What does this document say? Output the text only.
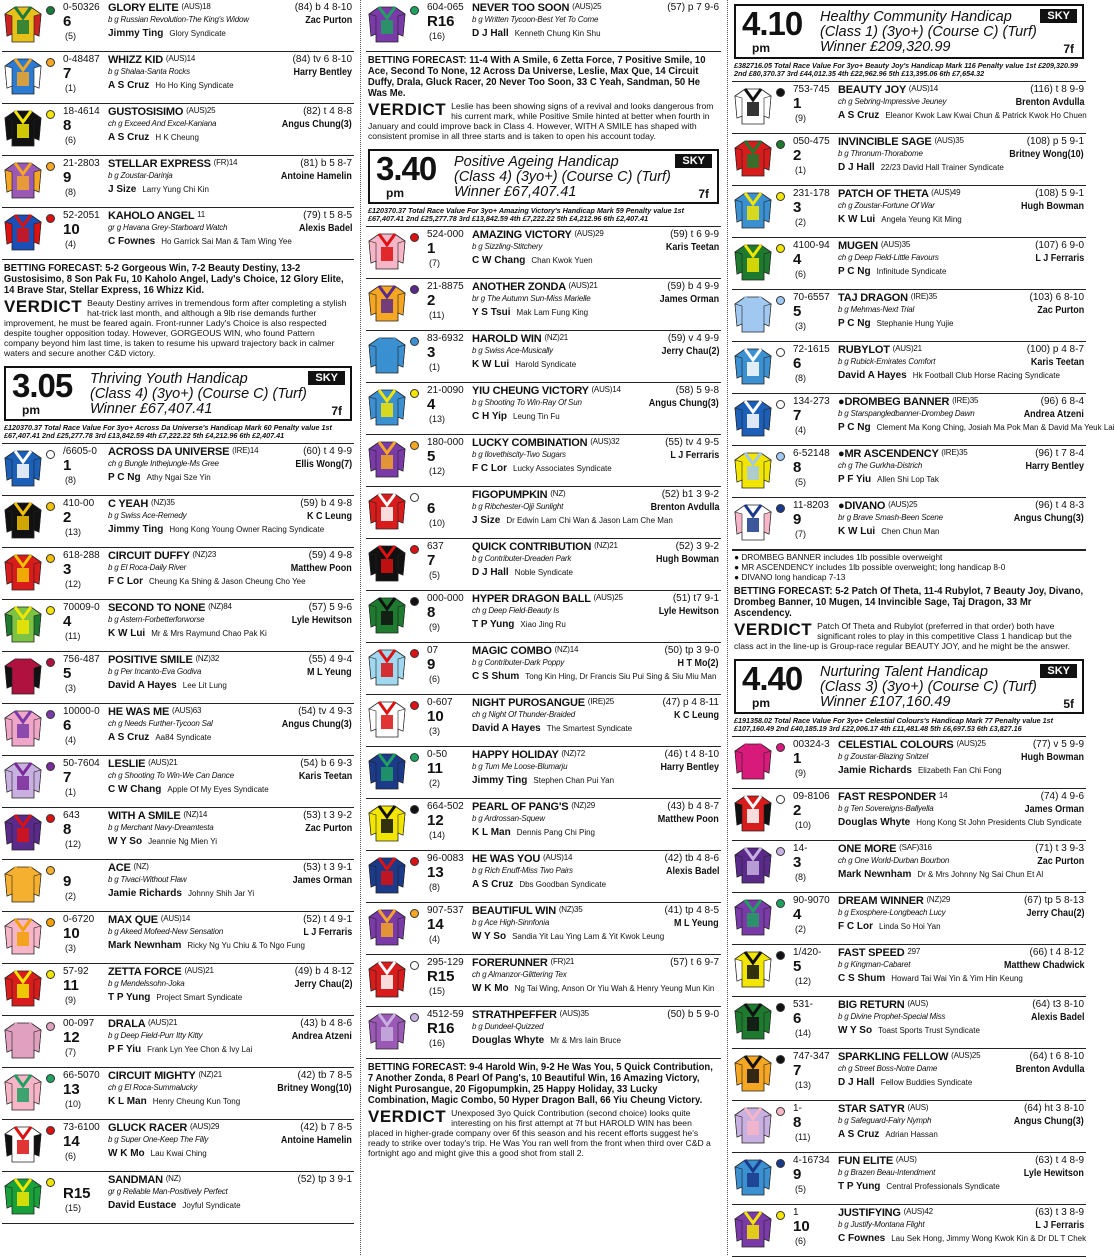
0-50326 GLORY ELITE $^{(AUS)18}$	(84) b 4 8-10
6	b g Russian Revolution-The King's Widow	Zac Purton
(5)	Jimmy Ting Glory Syndicate
0-48487 WHIZZ KID $^{(AUS)14}$	(84) tv 6 8-10
7	b g Shalaa-Santa Rocks	Harry Bentley
(1)	A S Cruz Ho Ho King Syndicate
18-4614 GUSTOSISIMO $^{(AUS)25}$	(82) t 4 8-8
8	ch g Exceed And Excel-Kaniana	Angus Chung(3)
(6)	A S Cruz H K Cheung
21-2803 STELLAR EXPRESS $^{(FR)14}$	(81) b 5 8-7
9	b g Zoustar-Darinja	Antoine Hamelin
(8)	J Size Larry Yung Chi Kin
52-2051 KAHOLO ANGEL $^{11}$	(79) t 5 8-5
10	gr g Havana Grey-Starboard Watch	Alexis Badel
(4)	C Fownes Ho Garrick Sai Man & Tam Wing Yee
BETTING FORECAST: 5-2 Gorgeous Win, 7-2 Beauty Destiny, 13-2 Gustosisimo, 8 Son Pak Fu, 10 Kaholo Angel, Lady's Choice, 12 Glory Elite, 14 Brave Star, Stellar Express, 16 Whizz Kid.
VERDICT Beauty Destiny arrives in tremendous form after completing a stylish hat-trick last month, and although a 9lb rise demands further improvement, he must be feared again. Front-runner Lady's Choice is also respected despite tougher opposition today. However, GORGEOUS WIN, who found Pattern company beyond him last time, is taken to resume his upward trajectory back in calmer waters and secure another C&D victory.
3.05
pm
Thriving Youth Handicap
(Class 4) (3yo+) (Course C) (Turf)
Winner £67,407.41
SKY
7f
£120370.37 Total Race Value For 3yo+ Across Da Universe's Handicap Mark 60 Penalty value 1st £67,407.41 2nd £25,277.78 3rd £13,842.59 4th £7,222.22 5th £4,212.96 6th £2,407.41
/6605-0 ACROSS DA UNIVERSE $^{(IRE)14}$	(60) t 4 9-9
1	ch g Bungle Inthejungle-Ms Gree	Ellis Wong(7)
(8)	P C Ng Athy Ngai Sze Yin
410-00 C YEAH $^{(NZ)35}$	(59) b 4 9-8
2	b g Swiss Ace-Remedy	K C Leung
(13)	Jimmy Ting Hong Kong Young Owner Racing Syndicate
618-288 CIRCUIT DUFFY $^{(NZ)23}$	(59) 4 9-8
3	b g El Roca-Daily River	Matthew Poon
(12)	F C Lor Cheung Ka Shing & Jason Cheung Cho Yee
70009-0 SECOND TO NONE $^{(NZ)84}$	(57) 5 9-6
4	b g Astern-Forbetterforworse	Lyle Hewitson
(11)	K W Lui Mr & Mrs Raymund Chao Pak Ki
756-487 POSITIVE SMILE $^{(NZ)32}$	(55) 4 9-4
5	b g Per Incanto-Eva Godiva	M L Yeung
(3)	David A Hayes Lee Lit Lung
10000-0 HE WAS ME $^{(AUS)63}$	(54) tv 4 9-3
6	ch g Needs Further-Tycoon Sal	Angus Chung(3)
(4)	A S Cruz Aa84 Syndicate
50-7604 LESLIE $^{(AUS)21}$	(54) b 6 9-3
7	ch g Shooting To Win-We Can Dance	Karis Teetan
(1)	C W Chang Apple Of My Eyes Syndicate
643	WITH A SMILE $^{(NZ)14}$	(53) t 3 9-2
8	b g Merchant Navy-Dreamtesta	Zac Purton
(12)	W Y So Jeannie Ng Mien Yi
ACE $^{(NZ)}$	(53) t 3 9-1
9	b g Tivaci-Without Flaw	James Orman
(2)	Jamie Richards Johnny Shih Jar Yi
0-6720 MAX QUE $^{(AUS)14}$	(52) t 4 9-1
10	b g Akeed Mofeed-New Sensation	L J Ferraris
(3)	Mark Newnham Ricky Ng Yu Chiu & To Ngo Fung
57-92 ZETTA FORCE $^{(AUS)21}$	(49) b 4 8-12
11	b g Mendelssohn-Joka	Jerry Chau(2)
(9)	T P Yung Project Smart Syndicate
00-097 DRALA $^{(AUS)21}$	(43) b 4 8-6
12	b g Deep Field-Purr Itty Kitty	Andrea Atzeni
(7)	P F Yiu Frank Lyn Yee Chon & Ivy Lai
66-5070 CIRCUIT MIGHTY $^{(NZ)21}$	(42) tb 7 8-5
13	ch g El Roca-Summalucky	Britney Wong(10)
(10)	K L Man Henry Cheung Kun Tong
73-6100 GLUCK RACER $^{(AUS)29}$	(42) b 7 8-5
14	b g Super One-Keep The Filly	Antoine Hamelin
(6)	W K Mo Lau Kwai Ching
SANDMAN $^{(NZ)}$	(52) tp 3 9-1
R15 gr g Reliable Man-Positively Perfect
(15)	David Eustace Joyful Syndicate
604-065 NEVER TOO SOON $^{(AUS)25}$	(57) p 7 9-6
R16 b g Written Tycoon-Best Yet To Come
(16)	D J Hall Kenneth Chung Kin Shu
BETTING FORECAST: 11-4 With A Smile, 6 Zetta Force, 7 Positive Smile, 10 Ace, Second To None, 12 Across Da Universe, Leslie, Max Que, 14 Circuit Duffy, Drala, Gluck Racer, 20 Never Too Soon, 33 C Yeah, Sandman, 50 He Was Me.
VERDICT Leslie has been showing signs of a revival and looks dangerous from his current mark, while Positive Smile hinted at better when fourth in January and could improve back in Class 4. However, WITH A SMILE has shaped with consistent promise in all three starts and is taken to open his account today.
3.40
pm
Positive Ageing Handicap
(Class 4) (3yo+) (Course C) (Turf)
Winner £67,407.41
SKY
7f
£120370.37 Total Race Value For 3yo+ Amazing Victory's Handicap Mark 59 Penalty value 1st £67,407.41 2nd £25,277.78 3rd £13,842.59 4th £7,222.22 5th £4,212.96 6th £2,407.41
524-000 AMAZING VICTORY $^{(AUS)29}$	(59) t 6 9-9
1	b g Sizzling-Stitchery	Karis Teetan
(7)	C W Chang Chan Kwok Yuen
21-8875 ANOTHER ZONDA $^{(AUS)21}$	(59) b 4 9-9
2	br g The Autumn Sun-Miss Marielle	James Orman
(11)	Y S Tsui Mak Lam Fung King
83-6932 HAROLD WIN $^{(NZ)21}$	(59) v 4 9-9
3	b g Swiss Ace-Musically	Jerry Chau(2)
(1)	K W Lui Harold Syndicate
21-0090 YIU CHEUNG VICTORY $^{(AUS)14}$	(58) 5 9-8
4	b g Shooting To Win-Ray Of Sun	Angus Chung(3)
(13)	C H Yip Leung Tin Fu
180-000 LUCKY COMBINATION $^{(AUS)32}$	(55) tv 4 9-5
5	b g Ilovethiscity-Two Sugars	L J Ferraris
(12)	F C Lor Lucky Associates Syndicate
FIGOPUMPKIN $^{(NZ)}$	(52) b1 3 9-2
6	b g Ribchester-Ojji Sunlight	Brenton Avdulla
(10)	J Size Dr Edwin Lam Chi Wan & Jason Lam Che Man
637	QUICK CONTRIBUTION $^{(NZ)21}$	(52) 3 9-2
7	b g Contributer-Dreaden Park	Hugh Bowman
(5)	D J Hall Noble Syndicate
000-000 HYPER DRAGON BALL $^{(AUS)25}$	(51) t7 9-1
8	ch g Deep Field-Beauty Is	Lyle Hewitson
(9)	T P Yung Xiao Jing Ru
07	MAGIC COMBO $^{(NZ)14}$	(50) tp 3 9-0
9	b g Contributer-Dark Poppy	H T Mo(2)
(6)	C S Shum Tong Kin Hing, Dr Francis Siu Pui Sing & Siu Miu Man
0-607 NIGHT PUROSANGUE $^{(IRE)25}$	(47) p 4 8-11
10	ch g Night Of Thunder-Braided	K C Leung
(3)	David A Hayes The Smartest Syndicate
0-50 HAPPY HOLIDAY $^{(NZ)72}$	(46) t 4 8-10
11	b g Tum Me Loose-Blumarju	Harry Bentley
(2)	Jimmy Ting Stephen Chan Pui Yan
664-502 PEARL OF PANG'S $^{(NZ)29}$	(43) b 4 8-7
12	b g Ardrossan-Squew	Matthew Poon
(14)	K L Man Dennis Pang Chi Ping
96-0083 HE WAS YOU $^{(AUS)14}$	(42) tb 4 8-6
13	b g Rich Enuff-Miss Two Pairs	Alexis Badel
(8)	A S Cruz Dbs Goodban Syndicate
907-537 BEAUTIFUL WIN $^{(NZ)35}$	(41) tp 4 8-5
14	b g Ace High-Sinnfonia	M L Yeung
(4)	W Y So Sandia Yit Lau Ying Lam & Yit Kwok Leung
295-129 FORERUNNER $^{(FR)21}$	(57) t 6 9-7
R15 ch g Almanzor-Glittering Tex
(15)	W K Mo Ng Tai Wing, Anson Or Yiu Wah & Henry Yeung Mun Kin
4512-59 STRATHPEFFER $^{(AUS)35}$	(50) b 5 9-0
R16 b g Dundeel-Quizzed
(16)	Douglas Whyte Mr & Mrs Iain Bruce
BETTING FORECAST: 9-4 Harold Win, 9-2 He Was You, 5 Quick Contribution, 7 Another Zonda, 8 Pearl Of Pang's, 10 Beautiful Win, 16 Amazing Victory, Night Purosangue, 20 Figopumpkin, 25 Happy Holiday, 33 Lucky Combination, Magic Combo, 50 Hyper Dragon Ball, 66 Yiu Cheung Victory.
VERDICT Unexposed 3yo Quick Contribution (second choice) looks quite interesting on his first attempt at 7f but HAROLD WIN has been placed in higher-grade company over 6f this season and his recent efforts suggest he's ready to strike over today's trip. He Was You ran well from the front when third over C&D a fortnight ago and might give this a good shot from stall 2.
4.10
pm
Healthy Community Handicap
(Class 1) (3yo+) (Course C) (Turf)
Winner £209,320.99
SKY
7f
£382716.05 Total Race Value For 3yo+ Beauty Joy's Handicap Mark 116 Penalty value 1st £209,320.99 2nd £80,370.37 3rd £44,012.35 4th £22,962.96 5th £13,395.06 6th £7,654.32
753-745 BEAUTY JOY $^{(AUS)14}$	(116) t 8 9-9
1	ch g Sebring-Impressive Jeuney	Brenton Avdulla
(9)	A S Cruz Eleanor Kwok Law Kwai Chun & Patrick Kwok Ho Chuen
050-475 INVINCIBLE SAGE $^{(AUS)35}$	(108) p 5 9-1
2	b g Thronum-Thorabome	Britney Wong(10)
(1)	D J Hall 22/23 David Hall Trainer Syndicate
231-178 PATCH OF THETA $^{(AUS)49}$	(108) 5 9-1
3	ch g Zoustar-Fortune Of War	Hugh Bowman
(2)	K W Lui Angela Yeung Kit Ming
4100-94 MUGEN $^{(AUS)35}$	(107) 6 9-0
4	ch g Deep Field-Little Favours	L J Ferraris
(6)	P C Ng Infinitude Syndicate
70-6557 TAJ DRAGON $^{(IRE)35}$	(103) 6 8-10
5	b g Mehmas-Next Trial	Zac Purton
(3)	P C Ng Stephanie Hung Yujie
72-1615 RUBYLOT $^{(AUS)21}$	(100) p 4 8-7
6	b g Rubick-Emirates Comfort	Karis Teetan
(8)	David A Hayes Hk Football Club Horse Racing Syndicate
134-273 ●DROMBEG BANNER $^{(IRE)35}$	(96) 6 8-4
7	b g Starspangledbanner-Drombeg Dawn	Andrea Atzeni
(4)	P C Ng Clement Ma Kong Ching, Josiah Ma Pok Man & David Ma Yeuk Lai
6-52148 ●MR ASCENDENCY $^{(IRE)35}$	(96) t 7 8-4
8	ch g The Gurkha-Districh	Harry Bentley
(5)	P F Yiu Allen Shi Lop Tak
11-8203 ●DIVANO $^{(AUS)25}$	(96) t 4 8-3
9	br g Brave Smash-Been Scene	Angus Chung(3)
(7)	K W Lui Chen Chun Man
● DROMBEG BANNER includes 1lb possible overweight
● MR ASCENDENCY includes 1lb possible overweight; long handicap 8-0
● DIVANO long handicap 7-13
BETTING FORECAST: 5-2 Patch Of Theta, 11-4 Rubylot, 7 Beauty Joy, Divano, Drombeg Banner, 10 Mugen, 14 Invincible Sage, Taj Dragon, 33 Mr Ascendency.
VERDICT Patch Of Theta and Rubylot (preferred in that order) both have significant roles to play in this competitive Class 1 handicap but the class act in the line-up is Group-race regular BEAUTY JOY, and he might be the answer.
4.40
pm
Nurturing Talent Handicap
(Class 3) (3yo+) (Course C) (Turf)
Winner £107,160.49
SKY
5f
£191358.02 Total Race Value For 3yo+ Celestial Colours's Handicap Mark 77 Penalty value 1st £107,160.49 2nd £40,185.19 3rd £22,006.17 4th £11,481.48 5th £6,697.53 6th £3,827.16
00324-3 CELESTIAL COLOURS $^{(AUS)25}$	(77) v 5 9-9
1	b g Zoustar-Blazing Snitzel	Hugh Bowman
(9)	Jamie Richards Elizabeth Fan Chi Fong
09-8106 FAST RESPONDER $^{14}$	(74) 4 9-6
2	b g Ten Sovereigns-Ballyella	James Orman
(10)	Douglas Whyte Hong Kong St John Presidents Club Syndicate
14-	ONE MORE $^{(SAF)316}$	(71) t 3 9-3
3	ch g One World-Durban Bourbon	Zac Purton
(8)	Mark Newnham Dr & Mrs Johnny Ng Sai Chun Et Al
90-9070 DREAM WINNER $^{(NZ)29}$	(67) tp 5 8-13
4	b g Exosphere-Longbeach Lucy	Jerry Chau(2)
(2)	F C Lor Linda So Hoi Yan
1/420- FAST SPEED $^{297}$	(66) t 4 8-12
5	b g Kingman-Cabaret	Matthew Chadwick
(12)	C S Shum Howard Tai Wai Yin & Yim Hin Keung
531- BIG RETURN $^{(AUS)}$	(64) t3 8-10
6	b g Divine Prophet-Special Miss	Alexis Badel
(14)	W Y So Toast Sports Trust Syndicate
747-347 SPARKLING FELLOW $^{(AUS)25}$	(64) t 6 8-10
7	ch g Street Boss-Notre Dame	Brenton Avdulla
(13)	D J Hall Fellow Buddies Syndicate
1-	STAR SATYR $^{(AUS)}$	(64) ht 3 8-10
8	b g Safeguard-Fairy Nymph	Angus Chung(3)
(11)	A S Cruz Adrian Hassan
4-16734 FUN ELITE $^{(AUS)}$	(63) t 4 8-9
9	b g Brazen Beau-Intendment	Lyle Hewitson
(5)	T P Yung Central Professionals Syndicate
1	JUSTIFYING $^{(AUS)42}$	(63) t 3 8-9
10	b g Justify-Montana Flight	L J Ferraris
(6)	C Fownes Lau Sek Hong, Jimmy Wong Kwok Kin & Dr DL T Chek
